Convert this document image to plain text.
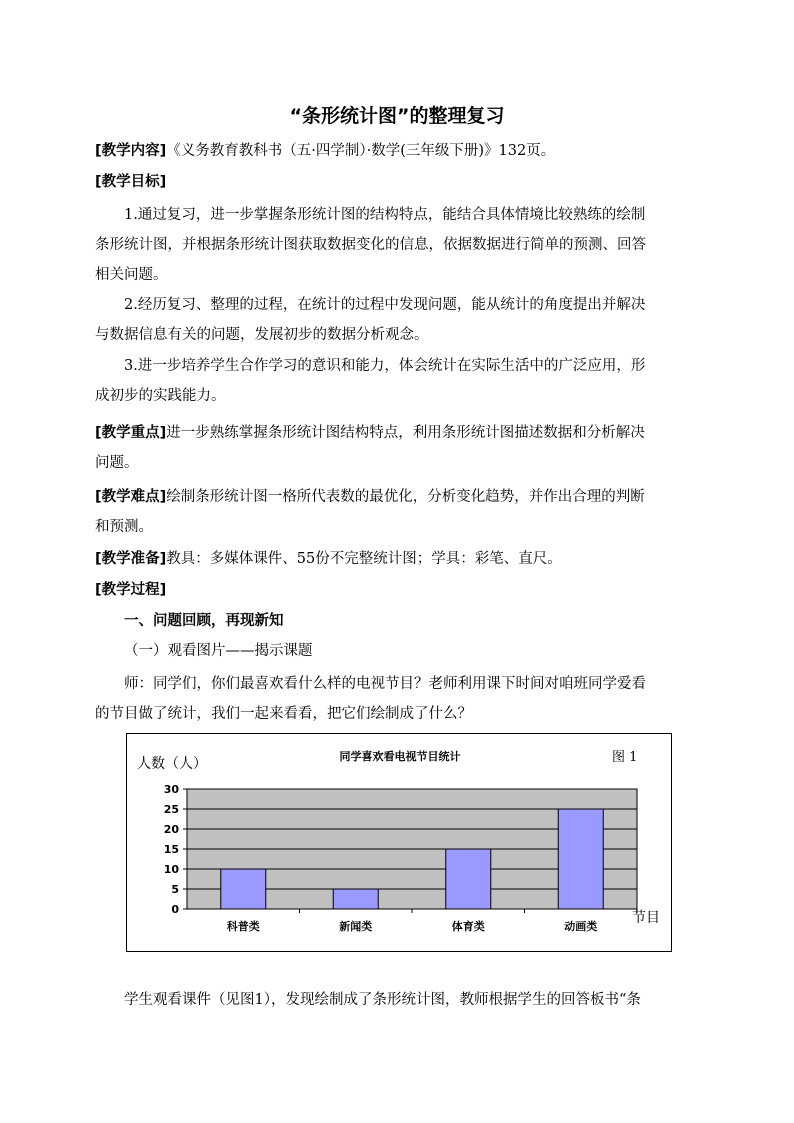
“条形统计图”的整理复习
[教学内容]《义务教育教科书（五·四学制）·数学(三年级下册)》132页。
[教学目标]
1.通过复习，进一步掌握条形统计图的结构特点，能结合具体情境比较熟练的绘制
条形统计图，并根据条形统计图获取数据变化的信息，依据数据进行简单的预测、回答
相关问题。
2.经历复习、整理的过程，在统计的过程中发现问题，能从统计的角度提出并解决
与数据信息有关的问题，发展初步的数据分析观念。
3.进一步培养学生合作学习的意识和能力，体会统计在实际生活中的广泛应用，形
成初步的实践能力。
[教学重点]进一步熟练掌握条形统计图结构特点，利用条形统计图描述数据和分析解决
问题。
[教学难点]绘制条形统计图一格所代表数的最优化，分析变化趋势，并作出合理的判断
和预测。
[教学准备]教具：多媒体课件、55份不完整统计图；学具：彩笔、直尺。
[教学过程]
一、问题回顾，再现新知
（一）观看图片——揭示课题
师：同学们，你们最喜欢看什么样的电视节目？老师利用课下时间对咱班同学爱看
的节目做了统计，我们一起来看看，把它们绘制成了什么？
同学喜欢看电视节目统计	图 1
人数（人）
节目
0
5
10
15
20
25
30
科普类	新闻类	体育类	动画类
学生观看课件（见图1），发现绘制成了条形统计图，教师根据学生的回答板书“条
